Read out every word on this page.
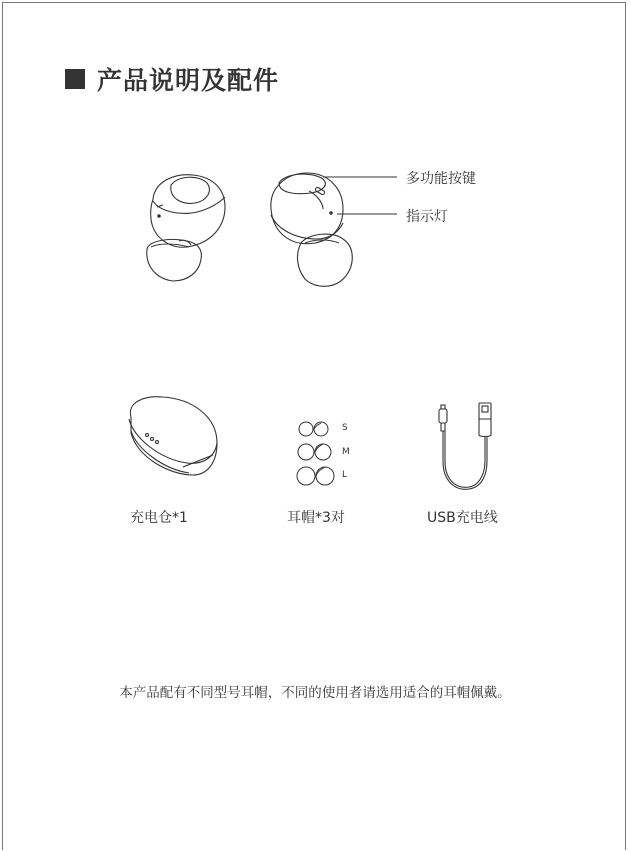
产品说明及配件
多功能按键
指示灯
S
M
L
充电仓*1	耳帽*3对	USB充电线
本产品配有不同型号耳帽，不同的使用者请选用适合的耳帽佩戴。
